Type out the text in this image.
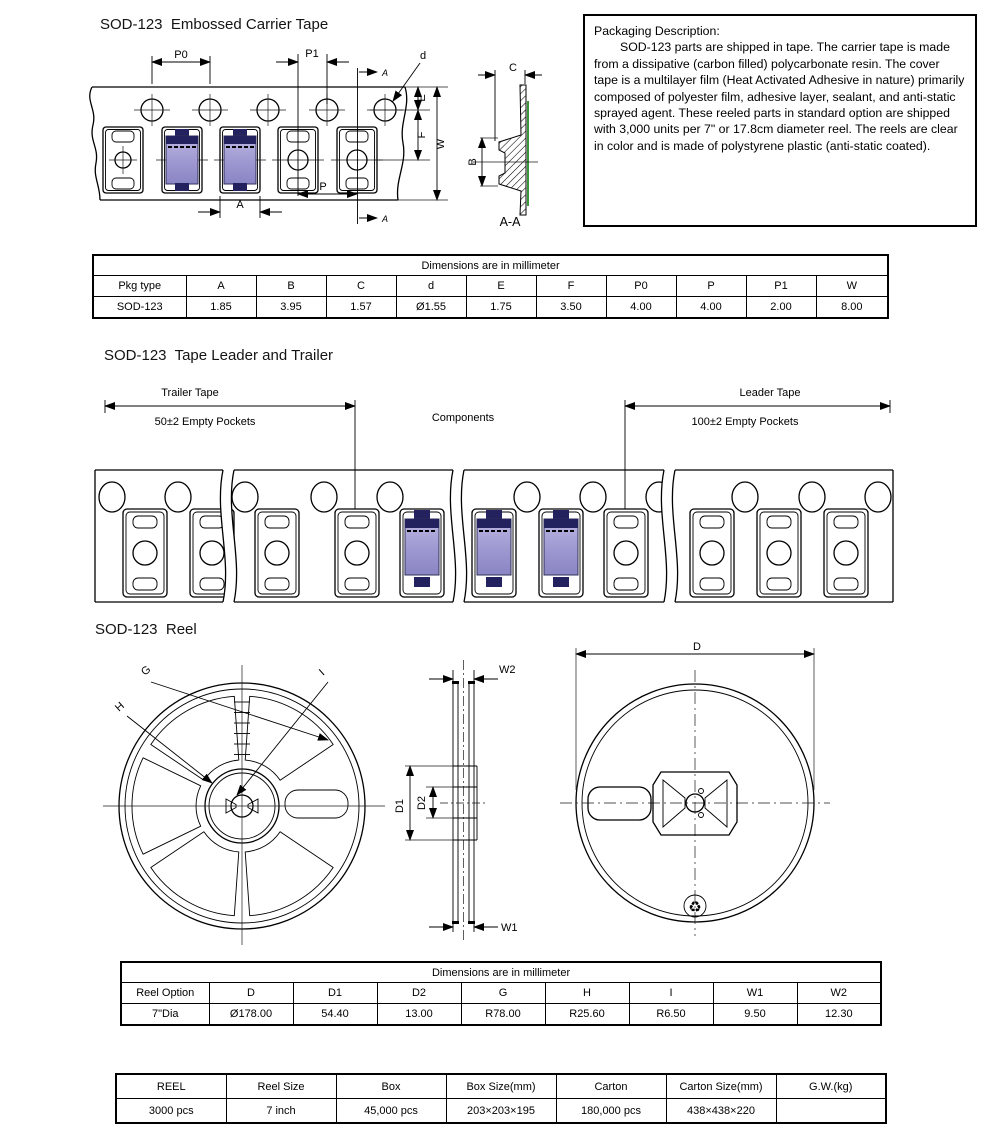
SOD-123  Embossed Carrier Tape	Packaging Description:
SOD-123 parts are shipped in tape. The carrier tape is made from a dissipative (carbon filled) polycarbonate resin. The cover tape is a multilayer film (Heat Activated Adhesive in nature) primarily composed of polyester film, adhesive layer, sealant, and anti-static sprayed agent. These reeled parts in standard option are shipped with 3,000 units per 7" or 17.8cm diameter reel. The reels are clear in color and is made of polystyrene plastic (anti-static coated).
P0	P1
A
A
d
E
F
W
P
A
C
B
A-A
Dimensions are in millimeter										
Pkg type	A	B	C	d	E	F	P0	P	P1	W
SOD-123	1.85	3.95	1.57	Ø1.55	1.75	3.50	4.00	4.00	2.00	8.00
SOD-123  Tape Leader and Trailer
Trailer Tape
50±2 Empty Pockets	Components
Leader Tape
100±2 Empty Pockets
SOD-123  Reel
G
H
I	W2
D1 D2
W1
D
♻
Dimensions are in millimeter								
Reel Option	D	D1	D2	G	H	I	W1	W2
7"Dia	Ø178.00	54.40	13.00	R78.00	R25.60	R6.50	9.50	12.30
REEL	Reel Size	Box	Box Size(mm)	Carton	Carton Size(mm)	G.W.(kg)
3000 pcs	7 inch	45,000 pcs	203×203×195	180,000 pcs	438×438×220	
